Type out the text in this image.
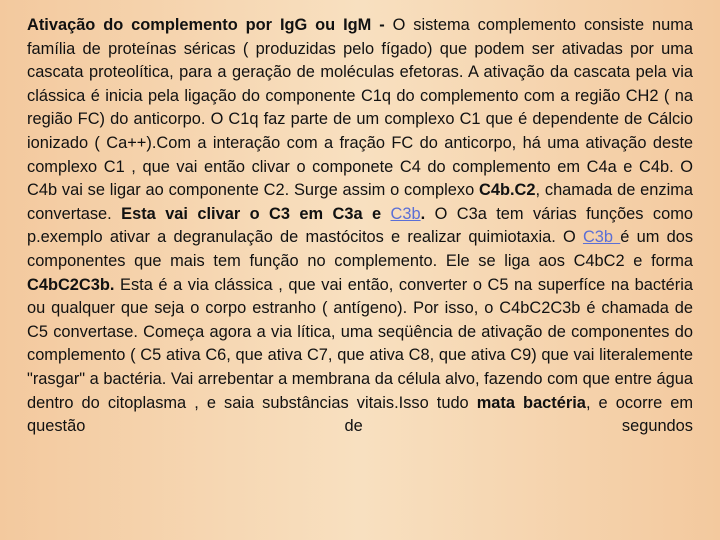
Ativação do complemento por IgG ou IgM - O sistema complemento consiste numa família de proteínas séricas ( produzidas pelo fígado) que podem ser ativadas por uma cascata proteolítica, para a geração de moléculas efetoras. A ativação da cascata pela via clássica é inicia pela ligação do componente C1q do complemento com a região CH2 ( na região FC) do anticorpo. O C1q faz parte de um complexo C1 que é dependente de Cálcio ionizado ( Ca++).Com a interação com a fração FC do anticorpo, há uma ativação deste complexo C1 , que vai então clivar o componete C4 do complemento em C4a e C4b. O C4b vai se ligar ao componente C2. Surge assim o complexo C4b.C2, chamada de enzima convertase. Esta vai clivar o C3 em C3a e C3b. O C3a tem várias funções como p.exemplo ativar a degranulação de mastócitos e realizar quimiotaxia. O C3b é um dos componentes que mais tem função no complemento. Ele se liga aos C4bC2 e forma C4bC2C3b. Esta é a via clássica , que vai então, converter o C5 na superfíce na bactéria ou qualquer que seja o corpo estranho ( antígeno). Por isso, o C4bC2C3b é chamada de C5 convertase. Começa agora a via lítica, uma seqüência de ativação de componentes do complemento ( C5 ativa C6, que ativa C7, que ativa C8, que ativa C9) que vai literalemente "rasgar" a bactéria. Vai arrebentar a membrana da célula alvo, fazendo com que entre água dentro do citoplasma , e saia substâncias vitais.Isso tudo mata bactéria, e ocorre em questão de segundos
